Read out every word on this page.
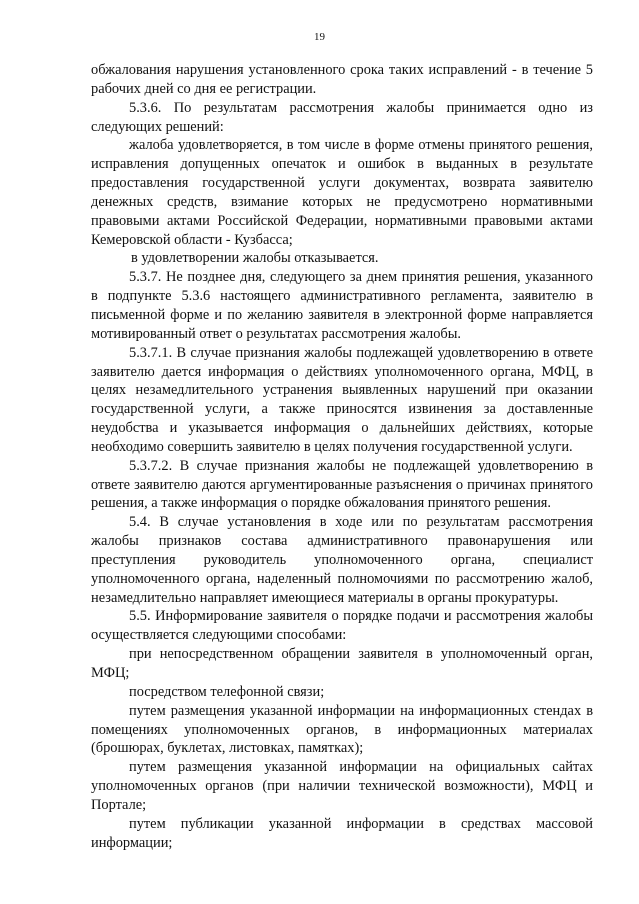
19

обжалования нарушения установленного срока таких исправлений - в течение 5 рабочих дней со дня ее регистрации.

5.3.6. По результатам рассмотрения жалобы принимается одно из следующих решений:

жалоба удовлетворяется, в том числе в форме отмены принятого решения, исправления допущенных опечаток и ошибок в выданных в результате предоставления государственной услуги документах, возврата заявителю денежных средств, взимание которых не предусмотрено нормативными правовыми актами Российской Федерации, нормативными правовыми актами Кемеровской области - Кузбасса;

в удовлетворении жалобы отказывается.

5.3.7. Не позднее дня, следующего за днем принятия решения, указанного в подпункте 5.3.6 настоящего административного регламента, заявителю в письменной форме и по желанию заявителя в электронной форме направляется мотивированный ответ о результатах рассмотрения жалобы.

5.3.7.1. В случае признания жалобы подлежащей удовлетворению в ответе заявителю дается информация о действиях уполномоченного органа, МФЦ, в целях незамедлительного устранения выявленных нарушений при оказании государственной услуги, а также приносятся извинения за доставленные неудобства и указывается информация о дальнейших действиях, которые необходимо совершить заявителю в целях получения государственной услуги.

5.3.7.2. В случае признания жалобы не подлежащей удовлетворению в ответе заявителю даются аргументированные разъяснения о причинах принятого решения, а также информация о порядке обжалования принятого решения.

5.4. В случае установления в ходе или по результатам рассмотрения жалобы признаков состава административного правонарушения или преступления руководитель уполномоченного органа, специалист уполномоченного органа, наделенный полномочиями по рассмотрению жалоб, незамедлительно направляет имеющиеся материалы в органы прокуратуры.

5.5. Информирование заявителя о порядке подачи и рассмотрения жалобы осуществляется следующими способами:

при непосредственном обращении заявителя в уполномоченный орган, МФЦ;

посредством телефонной связи;

путем размещения указанной информации на информационных стендах в помещениях уполномоченных органов, в информационных материалах (брошюрах, буклетах, листовках, памятках);

путем размещения указанной информации на официальных сайтах уполномоченных органов (при наличии технической возможности), МФЦ и Портале;

путем публикации указанной информации в средствах массовой информации;
